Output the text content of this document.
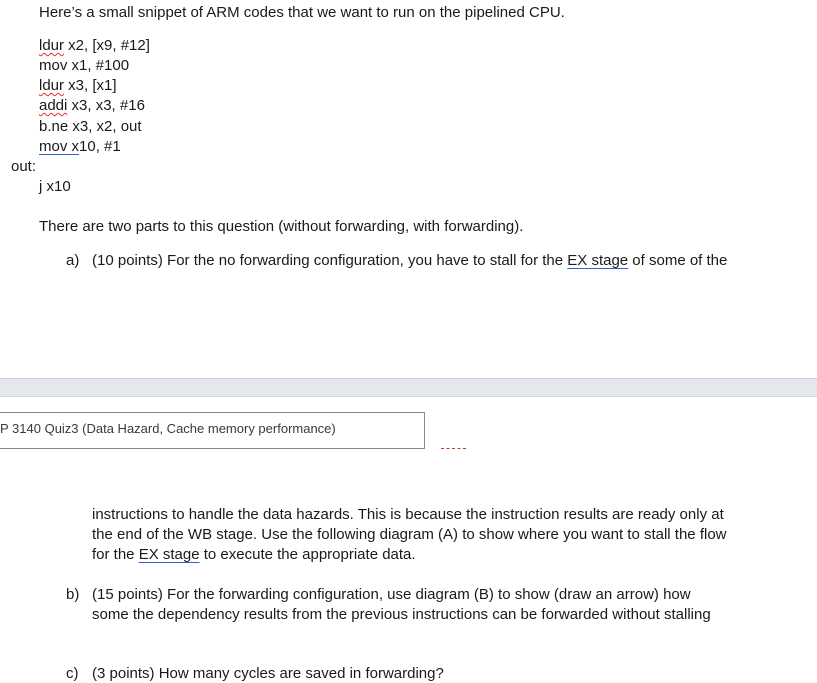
Here’s a small snippet of ARM codes that we want to run on the pipelined CPU.
ldur x2, [x9, #12]
mov x1, #100
ldur x3, [x1]
addi x3, x3, #16
b.ne x3, x2, out
mov x10, #1
out:
j x10
There are two parts to this question (without forwarding, with forwarding).
a) (10 points) For the no forwarding configuration, you have to stall for the EX stage of some of the
P 3140 Quiz3 (Data Hazard, Cache memory performance)
instructions to handle the data hazards. This is because the instruction results are ready only at
the end of the WB stage. Use the following diagram (A) to show where you want to stall the flow
for the EX stage to execute the appropriate data.
b) (15 points) For the forwarding configuration, use diagram (B) to show (draw an arrow) how
some the dependency results from the previous instructions can be forwarded without stalling
c) (3 points) How many cycles are saved in forwarding?
